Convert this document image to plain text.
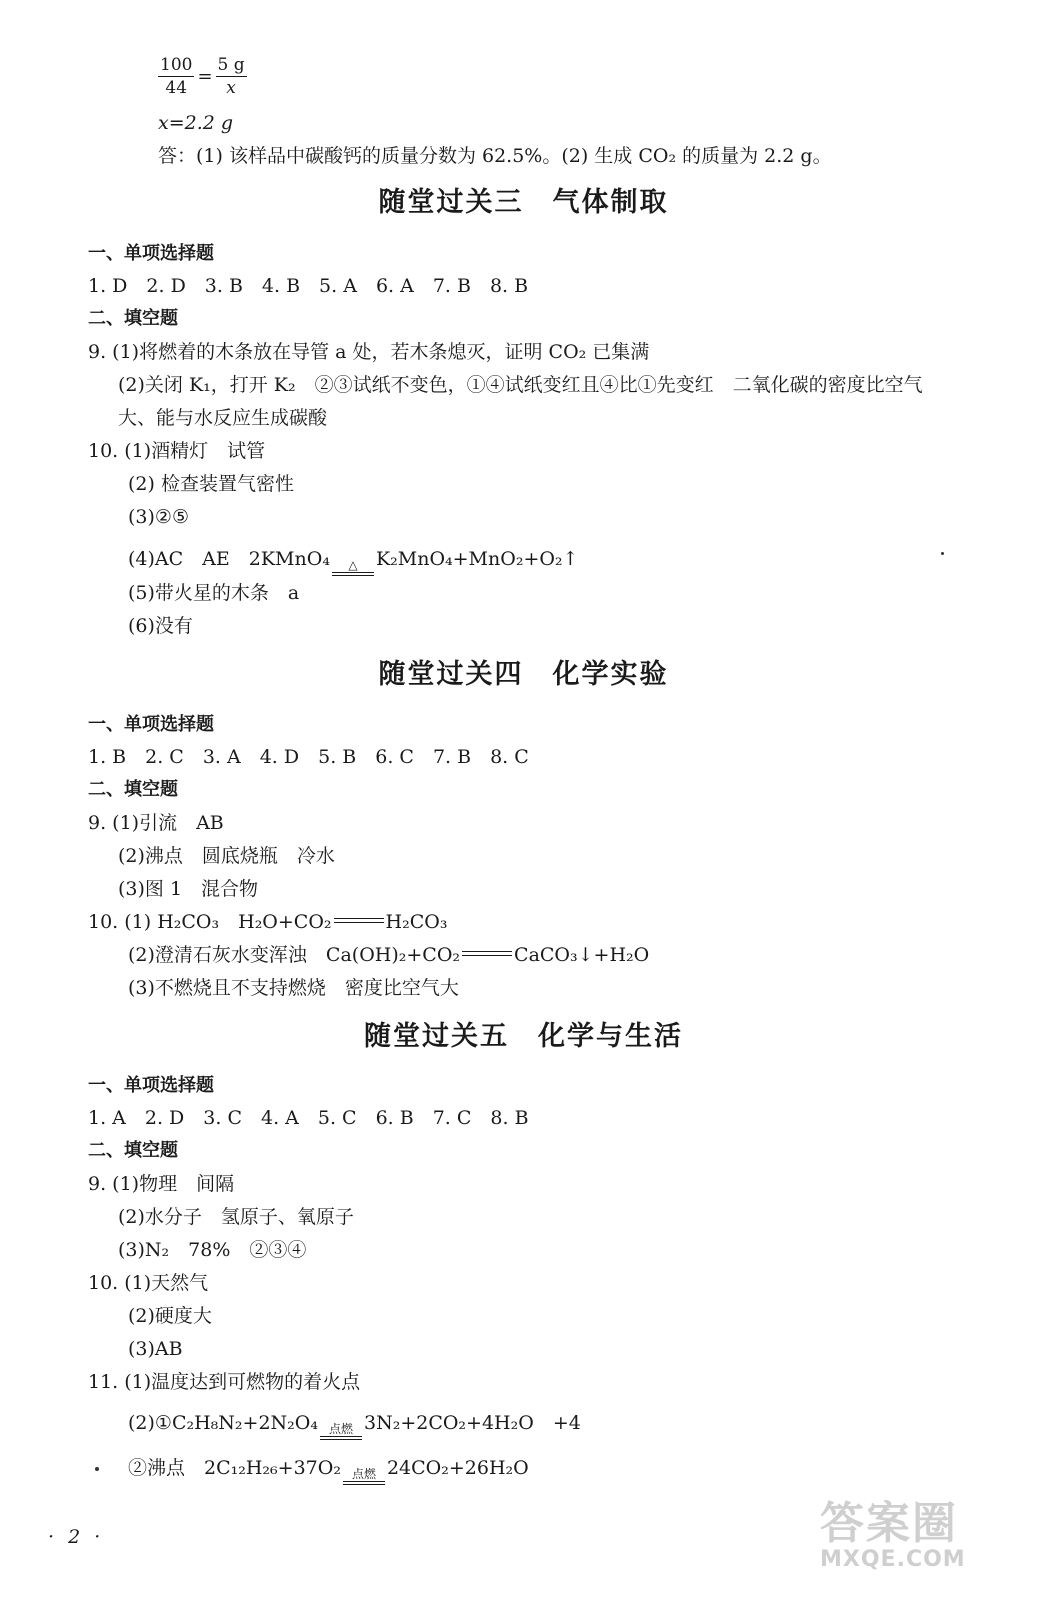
$\frac{100}{44} = \frac{5 g}{x}$
x=2.2 g
答：(1) 该样品中碳酸钙的质量分数为 62.5%。(2) 生成 CO₂ 的质量为 2.2 g。
随堂过关三　气体制取
一、单项选择题
1. D　2. D　3. B　4. B　5. A　6. A　7. B　8. B
二、填空题
9. (1)将燃着的木条放在导管 a 处，若木条熄灭，证明 CO₂ 已集满
(2)关闭 K₁，打开 K₂　②③试纸不变色，①④试纸变红且④比①先变红　二氧化碳的密度比空气
大、能与水反应生成碳酸
10. (1)酒精灯　试管
(2) 检查装置气密性
(3)②⑤
(4)AC　AE　2KMnO₄ △ K₂MnO₄+MnO₂+O₂↑
(5)带火星的木条　a
(6)没有
随堂过关四　化学实验
一、单项选择题
1. B　2. C　3. A　4. D　5. B　6. C　7. B　8. C
二、填空题
9. (1)引流　AB
(2)沸点　圆底烧瓶　冷水
(3)图 1　混合物
10. (1) H₂CO₃　H₂O+CO₂	H₂CO₃
(2)澄清石灰水变浑浊　Ca(OH)₂+CO₂	CaCO₃↓+H₂O
(3)不燃烧且不支持燃烧　密度比空气大
随堂过关五　化学与生活
一、单项选择题
1. A　2. D　3. C　4. A　5. C　6. B　7. C　8. B
二、填空题
9. (1)物理　间隔
(2)水分子　氢原子、氧原子
(3)N₂　78%　②③④
10. (1)天然气
(2)硬度大
(3)AB
11. (1)温度达到可燃物的着火点
(2)①C₂H₈N₂+2N₂O₄ 点燃 3N₂+2CO₂+4H₂O　+4
②沸点　2C₁₂H₂₆+37O₂ 点燃 24CO₂+26H₂O
· 2 ·	答案圈
MXQE.COM
